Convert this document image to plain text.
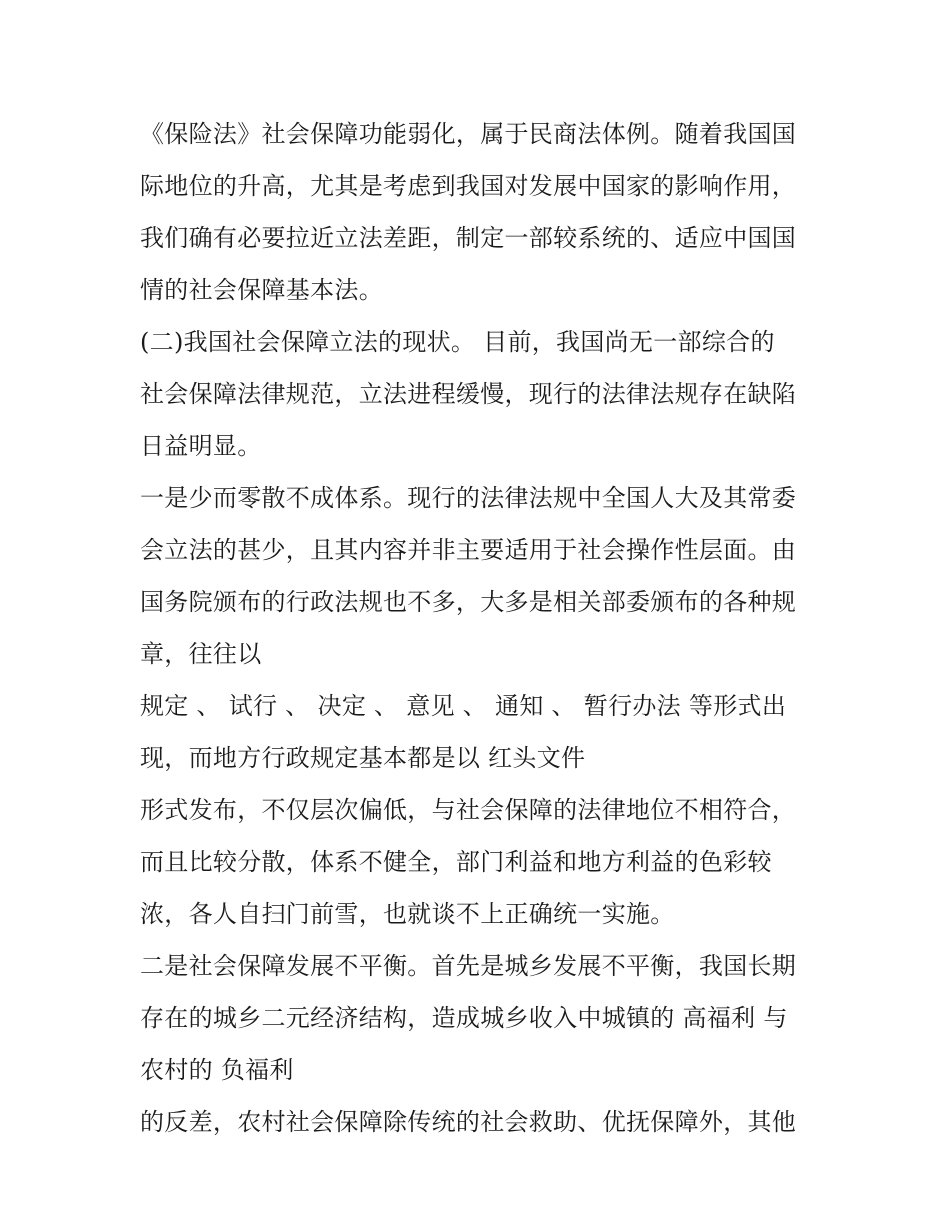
《保险法》社会保障功能弱化，属于民商法体例。随着我国国
际地位的升高，尤其是考虑到我国对发展中国家的影响作用，
我们确有必要拉近立法差距，制定一部较系统的、适应中国国
情的社会保障基本法。
(二)我国社会保障立法的现状。 目前，我国尚无一部综合的
社会保障法律规范，立法进程缓慢，现行的法律法规存在缺陷
日益明显。
一是少而零散不成体系。现行的法律法规中全国人大及其常委
会立法的甚少，且其内容并非主要适用于社会操作性层面。由
国务院颁布的行政法规也不多，大多是相关部委颁布的各种规
章，往往以
规定 、 试行 、 决定 、 意见 、 通知 、 暂行办法 等形式出
现，而地方行政规定基本都是以 红头文件
形式发布，不仅层次偏低，与社会保障的法律地位不相符合，
而且比较分散，体系不健全，部门利益和地方利益的色彩较
浓，各人自扫门前雪，也就谈不上正确统一实施。
二是社会保障发展不平衡。首先是城乡发展不平衡，我国长期
存在的城乡二元经济结构，造成城乡收入中城镇的 高福利 与
农村的 负福利
的反差，农村社会保障除传统的社会救助、优抚保障外，其他
